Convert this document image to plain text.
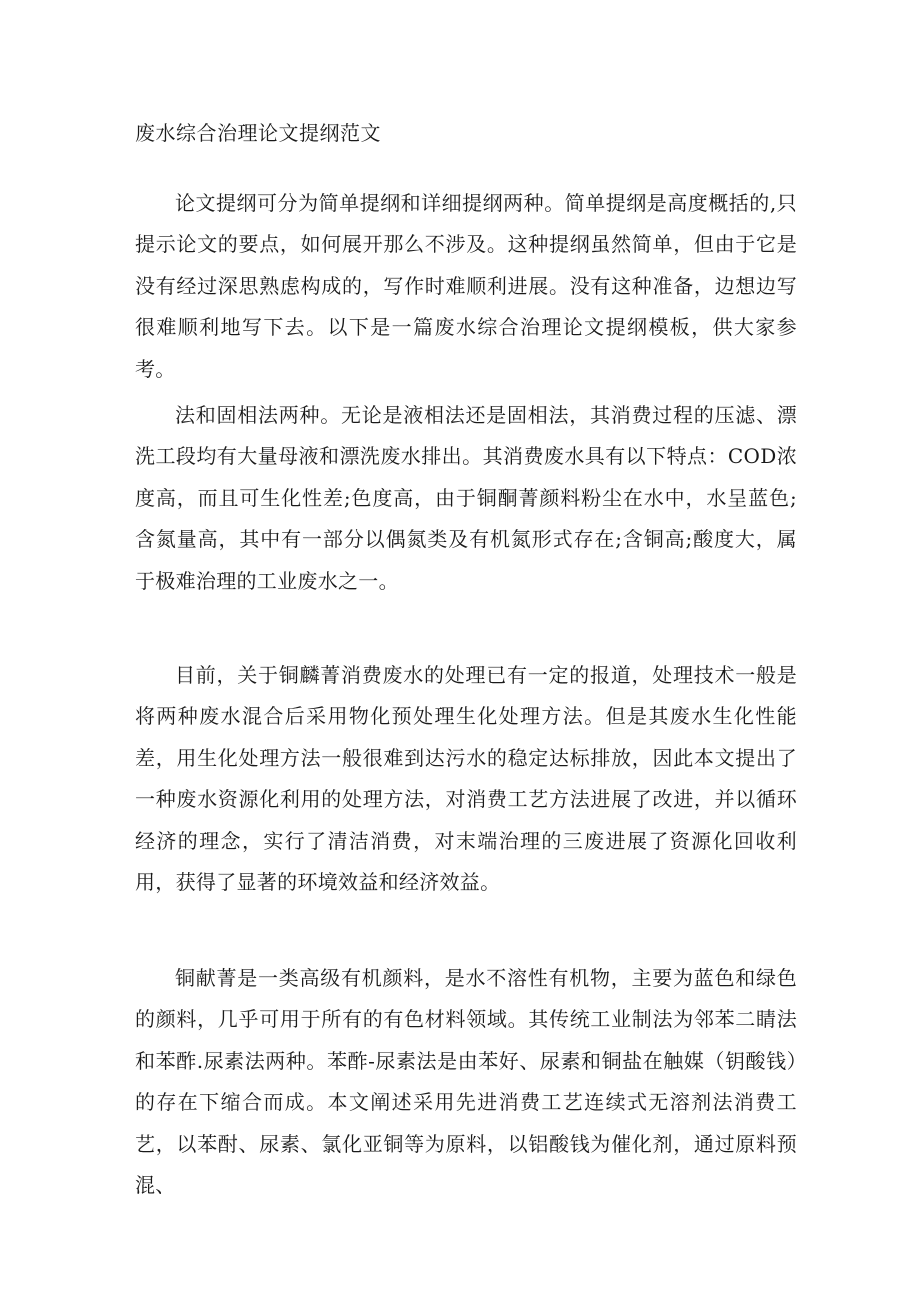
废水综合治理论文提纲范文

论文提纲可分为简单提纲和详细提纲两种。简单提纲是高度概括的,只提示论文的要点，如何展开那么不涉及。这种提纲虽然简单，但由于它是没有经过深思熟虑构成的，写作时难顺利进展。没有这种准备，边想边写很难顺利地写下去。以下是一篇废水综合治理论文提纲模板，供大家参考。

法和固相法两种。无论是液相法还是固相法，其消费过程的压滤、漂洗工段均有大量母液和漂洗废水排出。其消费废水具有以下特点：COD浓度高，而且可生化性差;色度高，由于铜酮菁颜料粉尘在水中，水呈蓝色;含氮量高，其中有一部分以偶氮类及有机氮形式存在;含铜高;酸度大，属于极难治理的工业废水之一。

目前，关于铜麟菁消费废水的处理已有一定的报道，处理技术一般是将两种废水混合后采用物化预处理生化处理方法。但是其废水生化性能差，用生化处理方法一般很难到达污水的稳定达标排放，因此本文提出了一种废水资源化利用的处理方法，对消费工艺方法进展了改进，并以循环经济的理念，实行了清洁消费，对末端治理的三废进展了资源化回收利用，获得了显著的环境效益和经济效益。

铜献菁是一类高级有机颜料，是水不溶性有机物，主要为蓝色和绿色的颜料，几乎可用于所有的有色材料领域。其传统工业制法为邻苯二睛法和苯酢.尿素法两种。苯酢-尿素法是由苯好、尿素和铜盐在触媒（钥酸钱）的存在下缩合而成。本文阐述采用先进消费工艺连续式无溶剂法消费工艺，以苯酎、尿素、氯化亚铜等为原料，以铝酸钱为催化剂，通过原料预混、
